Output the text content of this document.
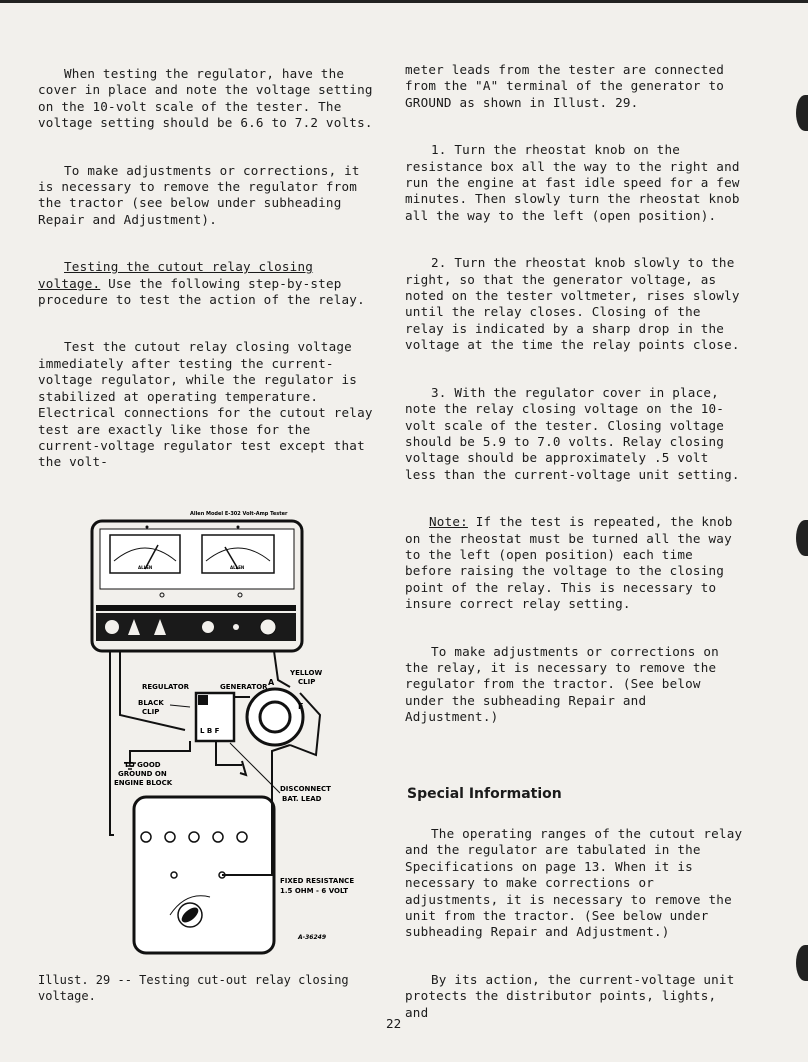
When testing the regulator, have the cover in place and note the voltage setting on the 10-volt scale of the tester. The voltage setting should be 6.6 to 7.2 volts.

To make adjustments or corrections, it is necessary to remove the regulator from the tractor (see below under subheading Repair and Adjustment).

Testing the cutout relay closing voltage. Use the following step-by-step procedure to test the action of the relay.

Test the cutout relay closing voltage immediately after testing the current-voltage regulator, while the regulator is stabilized at operating temperature. Electrical connections for the cutout relay test are exactly like those for the current-voltage regulator test except that the volt-

meter leads from the tester are connected from the "A" terminal of the generator to GROUND as shown in Illust. 29.

1. Turn the rheostat knob on the resistance box all the way to the right and run the engine at fast idle speed for a few minutes. Then slowly turn the rheostat knob all the way to the left (open position).

2. Turn the rheostat knob slowly to the right, so that the generator voltage, as noted on the tester voltmeter, rises slowly until the relay closes. Closing of the relay is indicated by a sharp drop in the voltage at the time the relay points close.

3. With the regulator cover in place, note the relay closing voltage on the 10-volt scale of the tester. Closing voltage should be 5.9 to 7.0 volts. Relay closing voltage should be approximately .5 volt less than the current-voltage unit setting.

Note: If the test is repeated, the knob on the rheostat must be turned all the way to the left (open position) each time before raising the voltage to the closing point of the relay. This is necessary to insure correct relay setting.

To make adjustments or corrections on the relay, it is necessary to remove the regulator from the tractor. (See below under the subheading Repair and Adjustment.)

Special Information

The operating ranges of the cutout relay and the regulator are tabulated in the Specifications on page 13. When it is necessary to make corrections or adjustments, it is necessary to remove the unit from the tractor. (See below under subheading Repair and Adjustment.)

By its action, the current-voltage unit protects the distributor points, lights, and

Allen Model E-302 Volt-Amp Tester
ALLEN	ALLEN
A
F
L B F
REGULATOR	GENERATOR
YELLOW
CLIP
BLACK
CLIP
TO GOOD
GROUND ON
ENGINE BLOCK
DISCONNECT
BAT. LEAD
FIXED RESISTANCE
1.5 OHM - 6 VOLT
A-36249
Illust. 29 -- Testing cut-out relay closing voltage.
22
